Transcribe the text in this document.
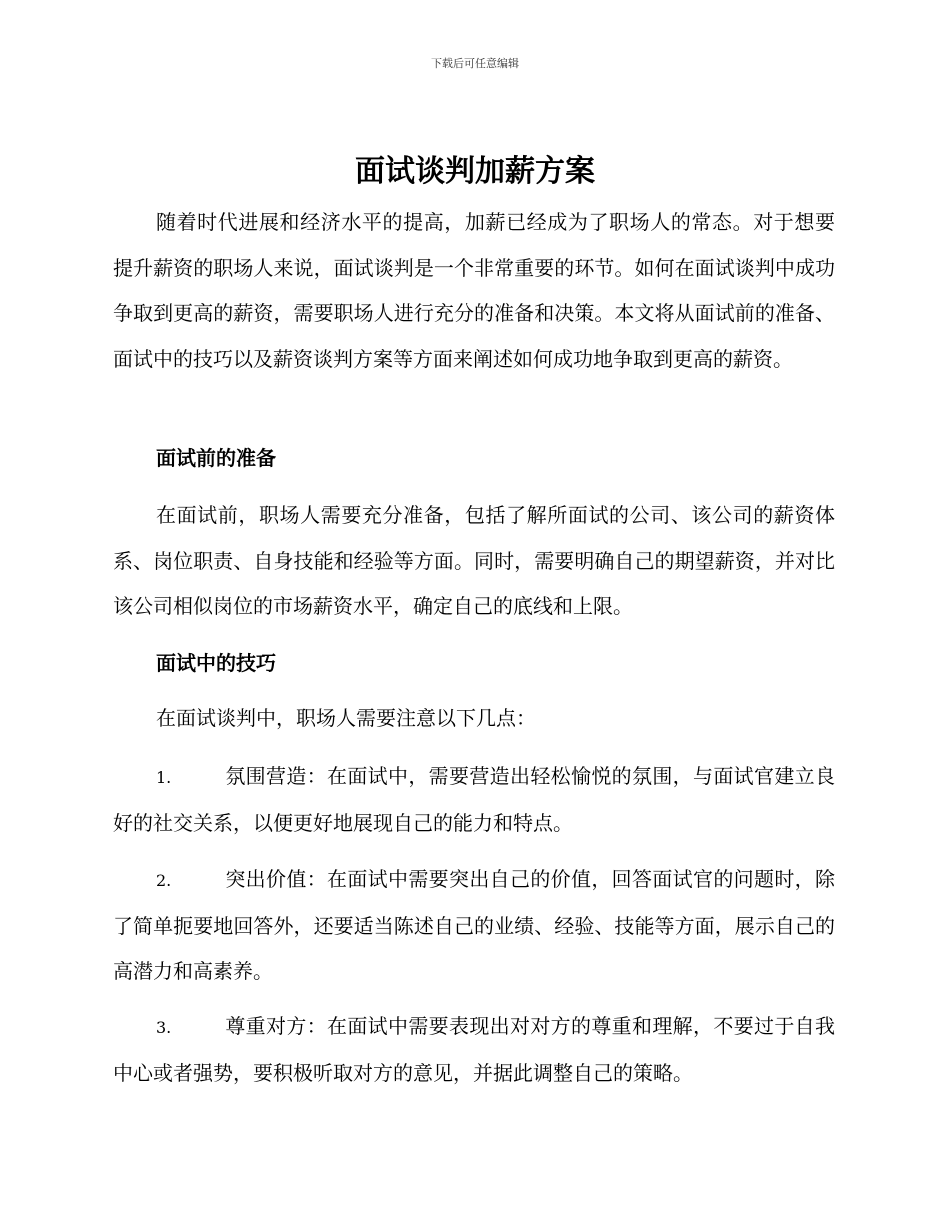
下载后可任意编辑
面试谈判加薪方案
随着时代进展和经济水平的提高，加薪已经成为了职场人的常态。对于想要提升薪资的职场人来说，面试谈判是一个非常重要的环节。如何在面试谈判中成功争取到更高的薪资，需要职场人进行充分的准备和决策。本文将从面试前的准备、面试中的技巧以及薪资谈判方案等方面来阐述如何成功地争取到更高的薪资。
面试前的准备
在面试前，职场人需要充分准备，包括了解所面试的公司、该公司的薪资体系、岗位职责、自身技能和经验等方面。同时，需要明确自己的期望薪资，并对比该公司相似岗位的市场薪资水平，确定自己的底线和上限。
面试中的技巧
在面试谈判中，职场人需要注意以下几点：
1.	氛围营造：在面试中，需要营造出轻松愉悦的氛围，与面试官建立良好的社交关系，以便更好地展现自己的能力和特点。
2.	突出价值：在面试中需要突出自己的价值，回答面试官的问题时，除了简单扼要地回答外，还要适当陈述自己的业绩、经验、技能等方面，展示自己的高潜力和高素养。
3.	尊重对方：在面试中需要表现出对对方的尊重和理解，不要过于自我中心或者强势，要积极听取对方的意见，并据此调整自己的策略。
